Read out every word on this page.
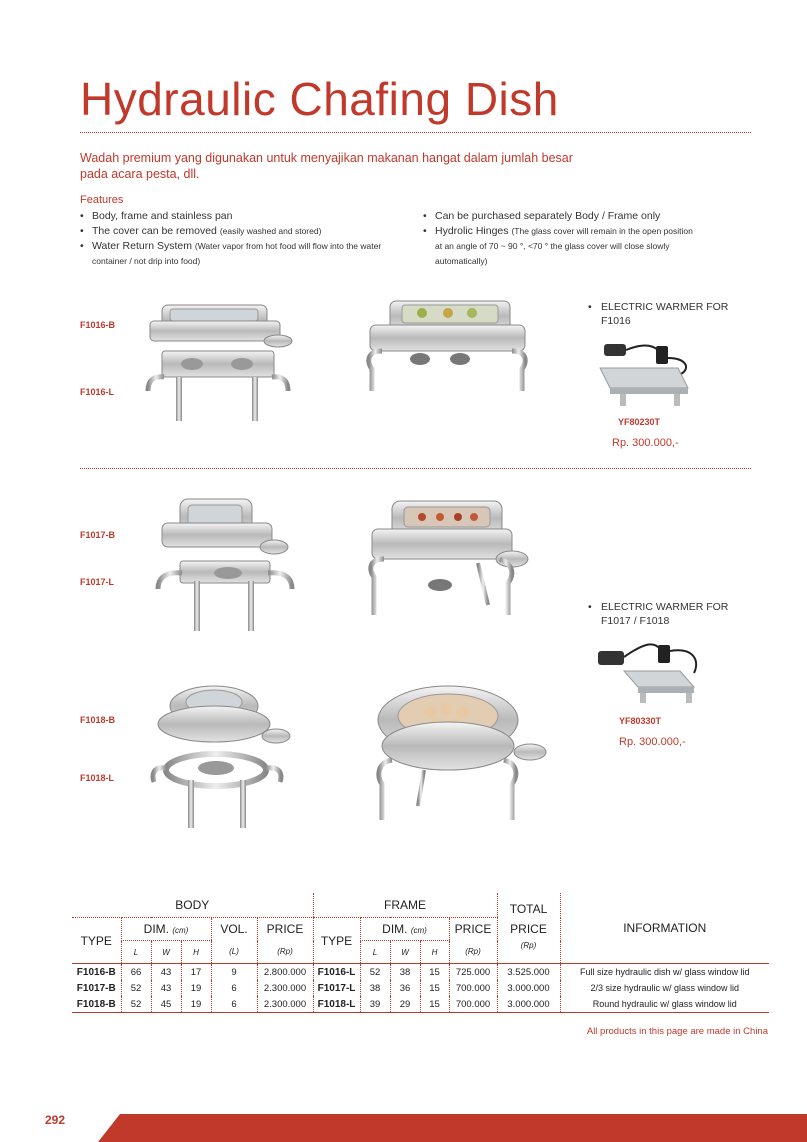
Hydraulic Chafing Dish
Wadah premium yang digunakan untuk menyajikan makanan hangat dalam jumlah besar pada acara pesta, dll.
Features
• Body, frame and stainless pan
• The cover can be removed (easily washed and stored)
• Water Return System (Water vapor from hot food will flow into the water container / not drip into food)
• Can be purchased separately Body / Frame only
• Hydrolic Hinges (The glass cover will remain in the open position at an angle of 70 ~ 90 °, <70 ° the glass cover will close slowly automatically)
F1016-B
F1016-L
• ELECTRIC WARMER FOR F1016
YF80230T
Rp. 300.000,-
F1017-B
F1017-L
• ELECTRIC WARMER FOR F1017 / F1018
YF80330T
Rp. 300.000,-
F1018-B
F1018-L
BODY						FRAME					TOTAL	INFORMATION
TYPE	DIM. (cm)			VOL.	PRICE	TYPE	DIM. (cm)			PRICE	PRICE	
	L	W	H	(L)	(Rp)		L	W	H	(Rp)	(Rp)	

F1016-B	66	43	17	9	2.800.000	F1016-L	52	38	15	725.000	3.525.000	Full size hydraulic dish w/ glass window lid
F1017-B	52	43	19	6	2.300.000	F1017-L	38	36	15	700.000	3.000.000	2/3 size hydraulic w/ glass window lid
F1018-B	52	45	19	6	2.300.000	F1018-L	39	29	15	700.000	3.000.000	Round hydraulic w/ glass window lid
All products in this page are made in China
292
